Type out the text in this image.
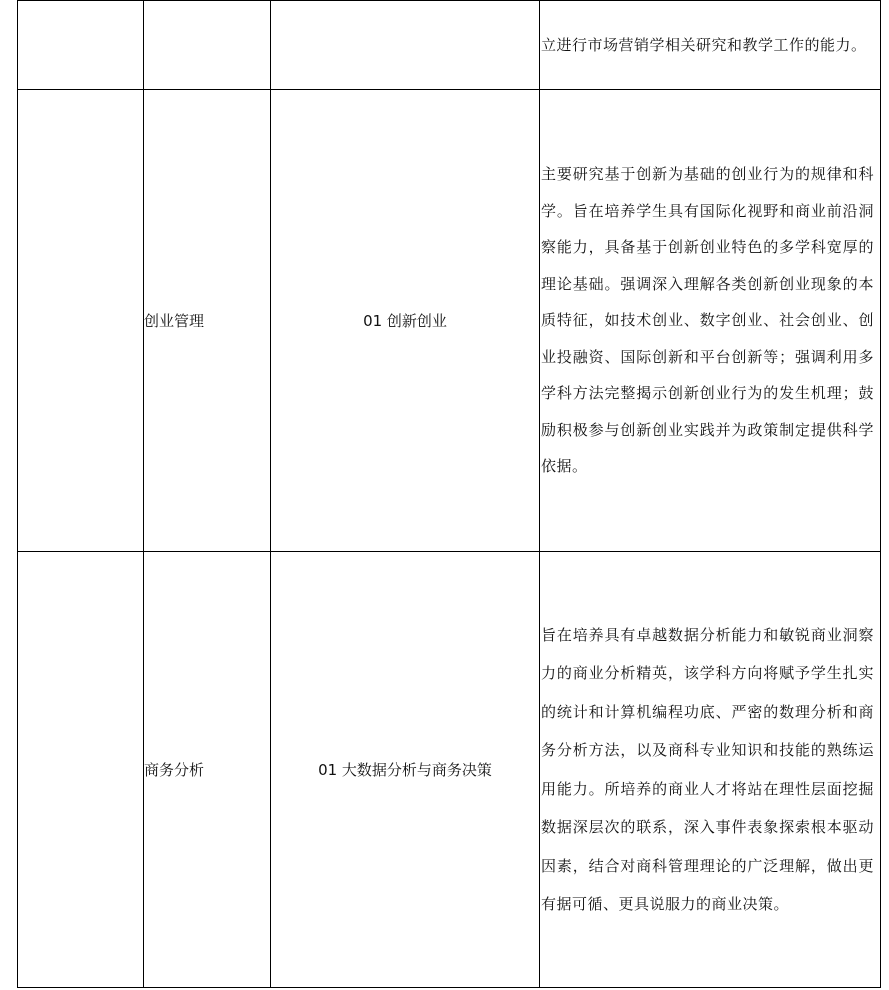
			立进行市场营销学相关研究和教学工作的能力。

	创业管理	01 创新创业	主要研究基于创新为基础的创业行为的规律和科学。旨在培养学生具有国际化视野和商业前沿洞察能力，具备基于创新创业特色的多学科宽厚的理论基础。强调深入理解各类创新创业现象的本质特征，如技术创业、数字创业、社会创业、创业投融资、国际创新和平台创新等；强调利用多学科方法完整揭示创新创业行为的发生机理；鼓励积极参与创新创业实践并为政策制定提供科学依据。

	商务分析	01 大数据分析与商务决策	旨在培养具有卓越数据分析能力和敏锐商业洞察力的商业分析精英，该学科方向将赋予学生扎实的统计和计算机编程功底、严密的数理分析和商务分析方法，以及商科专业知识和技能的熟练运用能力。所培养的商业人才将站在理性层面挖掘数据深层次的联系，深入事件表象探索根本驱动因素，结合对商科管理理论的广泛理解，做出更有据可循、更具说服力的商业决策。
